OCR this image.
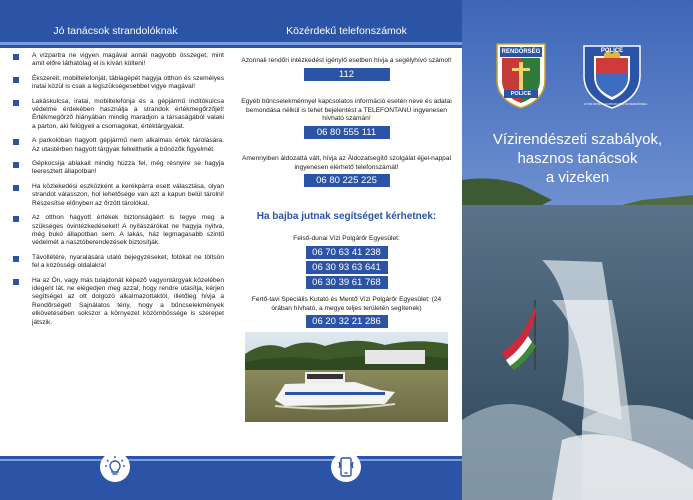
Jó tanácsok strandolóknak
A vízpartra ne vigyen magával annál nagyobb összeget, mint amit előre láthatólag el is kíván költeni!
Ékszereit, mobiltelefonját, táblagépét hagyja otthon és személyes iratai közül is csak a legszükségesebbet vigye magával!
Lakáskulcsa, iratai, mobiltelefonja és a gépjármű indítókulcsa védelme érdekében használja a strandok értékmegőrzőjét! Értékmegőrző hiányában mindig maradjon a társaságából valaki a parton, aki felügyeli a csomagokat, értéktárgyakat.
A parkolóban hagyott gépjármű nem alkalmas érték tárolására. Az utastérben hagyott tárgyak felkelthetik a bűnözők figyelmét.
Gépkocsija ablakait mindig húzza fel, még résnyire se hagyja leeresztett állapotban!
Ha közlekedési eszközként a kerékpárra esett választása, olyan strandot válasszon, hol lehetősége van azt a kapun belül tárolni! Részesítse előnyben az őrzött tárolókat.
Az otthon hagyott értékek biztonságáért is tegye meg a szükséges óvintézkedéseket! A nyílászárókat ne hagyja nyitva, még bukó állapotban sem. A lakás, ház legmagasabb szintű védelmét a riasztóberendezések biztosítják.
Távollétére, nyaralására utaló bejegyzéseket, fotókat ne töltsön fel a közösségi oldalakra!
Ha az Ön, vagy más tulajdonát képező vagyontárgyak közelében idegent lát, ne elégedjen meg azzal, hogy rendre utasítja, kérjen segítséget az ott dolgozó alkalmazottaktól, illetőleg hívja a Rendőrséget! Sajnálatos tény, hogy a bűncselekmények elkövetésében sokszor a környezet közömbössége is szerepet játszik.
Közérdekű telefonszámok
Azonnali rendőri intézkedést igénylő esetben hívja a segélyhívó számot!
112
Egyéb bűncselekménnyel kapcsolatos információ esetén neve és adatai bemondása nélkül is tehet bejelentést a TELEFONTANÚ ingyenesen hívható számán!
06 80 555 111
Amennyiben áldozattá vált, hívja az Áldozatsegítő szolgálat éjjel-nappal ingyenesen elérhető telefonszámát!
06 80 225 225
Ha bajba jutnak segítséget kérhetnek:
Felső-dunai Vízi Polgárőr Egyesület:
06 70 63 41 238
06 30 93 63 641
06 30 39 61 768
Fertő-tavi Speciális Kutató és Mentő Vízi Polgárőr Egyesület: (24 órában hívható, a megye teljes területén segítenek)
06 20 32 21 286
RENDŐRSÉG
POLICE
POLICE
GYŐR-MOSON-SOPRON MEGYEI RENDŐRSÉG
Vízirendészeti szabályok,
hasznos tanácsok
a vizeken
